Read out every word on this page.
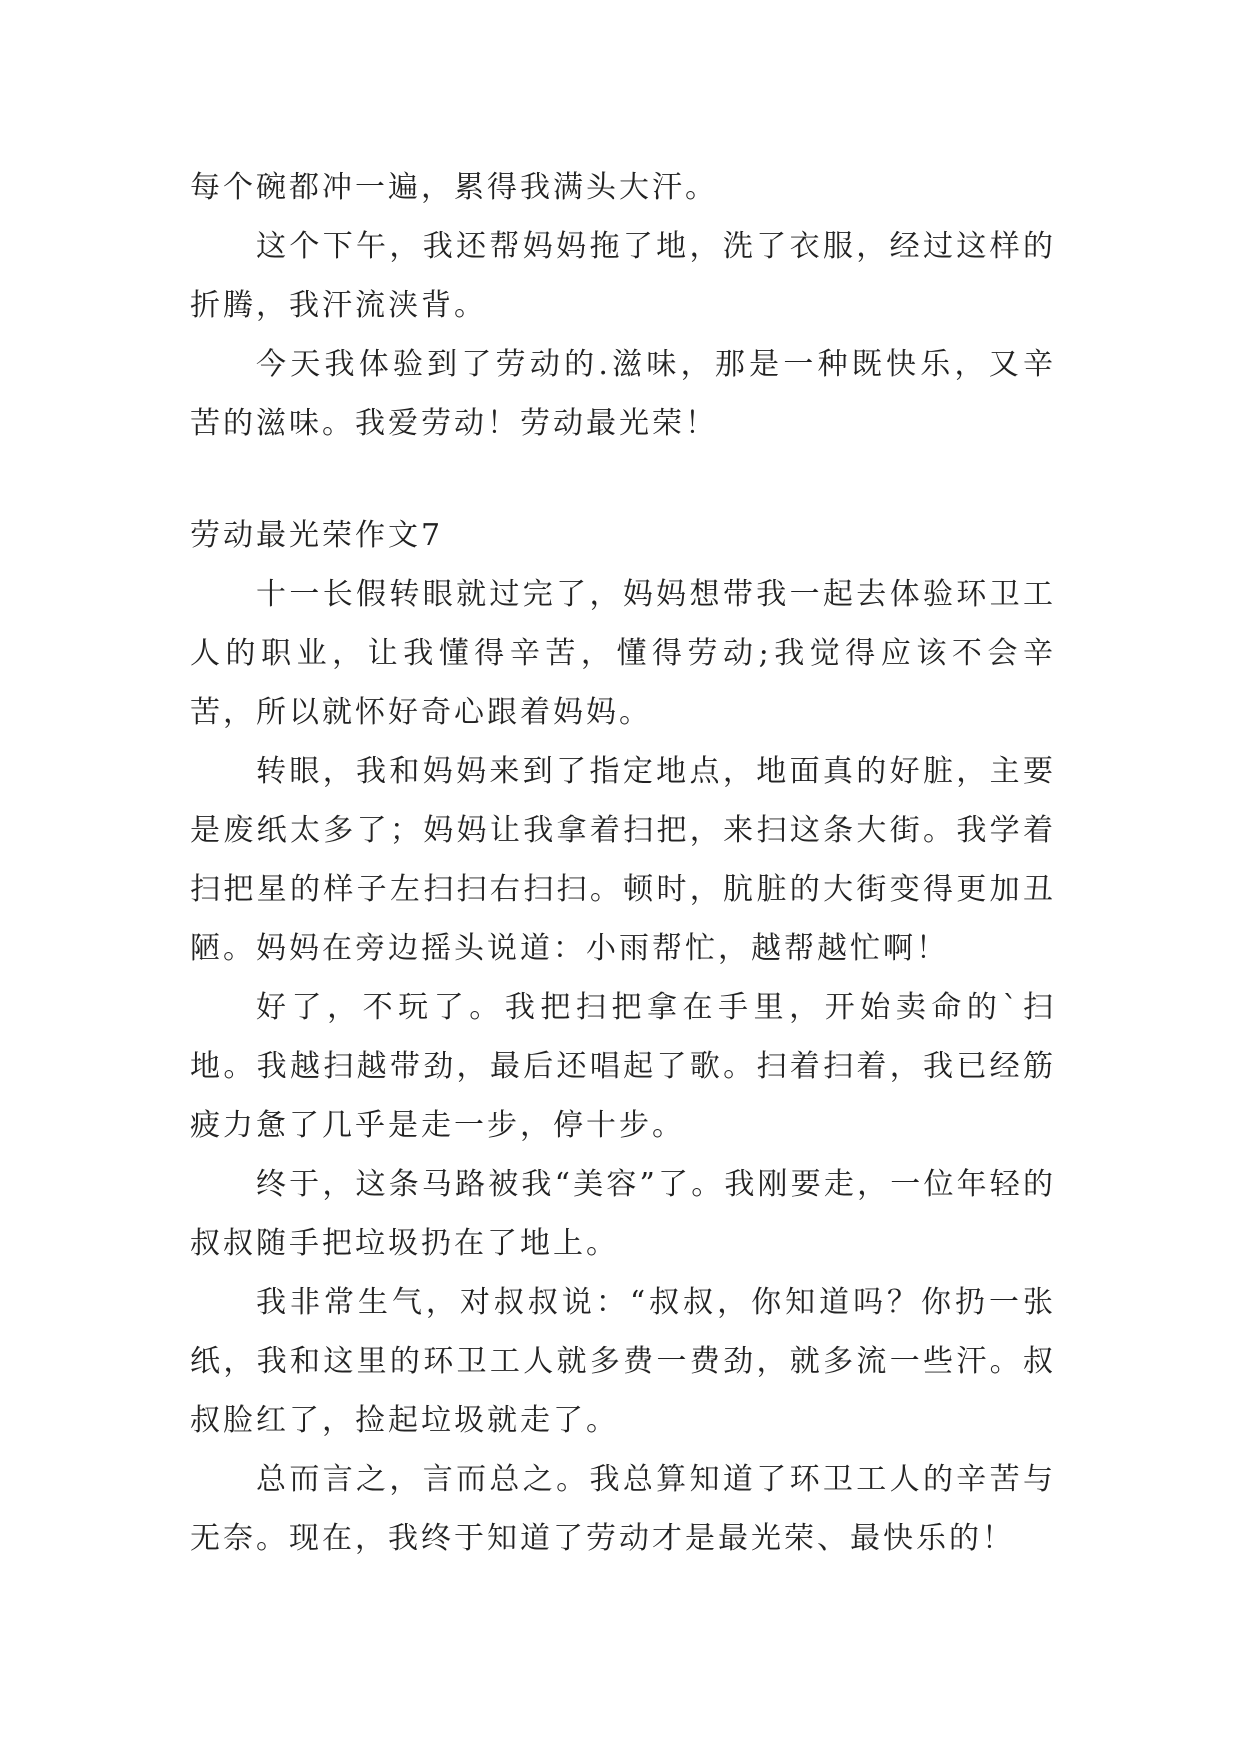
每个碗都冲一遍，累得我满头大汗。

这个下午，我还帮妈妈拖了地，洗了衣服，经过这样的折腾，我汗流浃背。

今天我体验到了劳动的.滋味，那是一种既快乐，又辛苦的滋味。我爱劳动！劳动最光荣！

劳动最光荣作文7

十一长假转眼就过完了，妈妈想带我一起去体验环卫工人的职业，让我懂得辛苦，懂得劳动;我觉得应该不会辛苦，所以就怀好奇心跟着妈妈。

转眼，我和妈妈来到了指定地点，地面真的好脏，主要是废纸太多了；妈妈让我拿着扫把，来扫这条大街。我学着扫把星的样子左扫扫右扫扫。顿时，肮脏的大街变得更加丑陋。妈妈在旁边摇头说道：小雨帮忙，越帮越忙啊！

好了，不玩了。我把扫把拿在手里，开始卖命的`扫地。我越扫越带劲，最后还唱起了歌。扫着扫着，我已经筋疲力惫了几乎是走一步，停十步。

终于，这条马路被我“美容”了。我刚要走，一位年轻的叔叔随手把垃圾扔在了地上。

我非常生气，对叔叔说：“叔叔，你知道吗？你扔一张纸，我和这里的环卫工人就多费一费劲，就多流一些汗。叔叔脸红了，捡起垃圾就走了。

总而言之，言而总之。我总算知道了环卫工人的辛苦与无奈。现在，我终于知道了劳动才是最光荣、最快乐的！
